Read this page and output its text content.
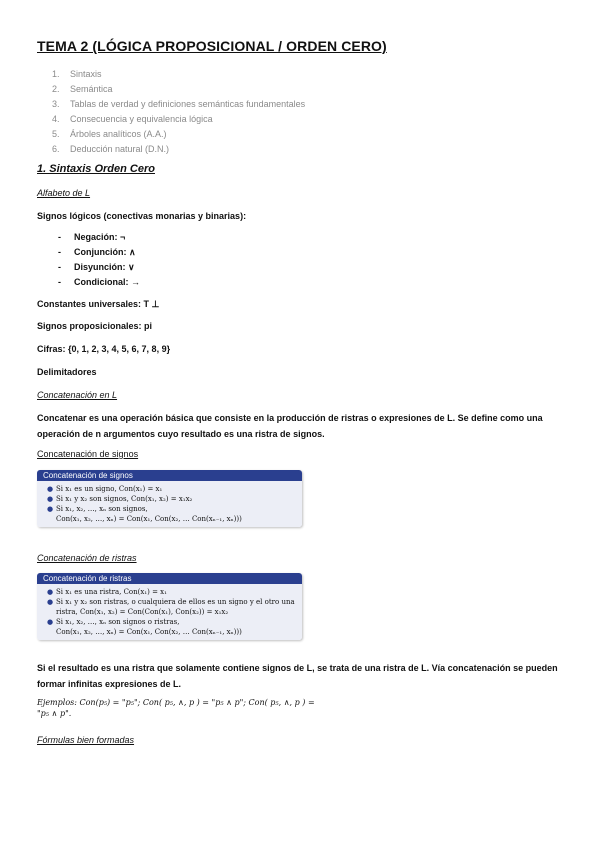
TEMA 2 (LÓGICA PROPOSICIONAL / ORDEN CERO)
1.	Sintaxis
2.	Semántica
3.	Tablas de verdad y definiciones semánticas fundamentales
4.	Consecuencia y equivalencia lógica
5.	Árboles analíticos (A.A.)
6.	Deducción natural (D.N.)
1. Sintaxis Orden Cero
Alfabeto de L
Signos lógicos (conectivas monarias y binarias):
-	Negación: ¬
-	Conjunción: ∧
-	Disyunción: ∨
-	Condicional: →
Constantes universales: T ⊥
Signos proposicionales: pi
Cifras: {0, 1, 2, 3, 4, 5, 6, 7, 8, 9}
Delimitadores
Concatenación en L
Concatenar es una operación básica que consiste en la producción de ristras o expresiones de L. Se define como una operación de n argumentos cuyo resultado es una ristra de signos.
Concatenación de signos
Concatenación de signos
● Si x₁ es un signo, Con(x₁) = x₁
● Si x₁ y x₂ son signos, Con(x₁, x₂) = x₁x₂
● Si x₁, x₂, …, xₙ son signos,
Con(x₁, x₂, …, xₙ) = Con(x₁, Con(x₂, … Con(xₙ₋₁, xₙ)))
Concatenación de ristras
Concatenación de ristras
● Si x₁ es una ristra, Con(x₁) = x₁
● Si x₁ y x₂ son ristras, o cualquiera de ellos es un signo y el otro una
ristra, Con(x₁, x₂) = Con(Con(x₁), Con(x₂)) = x₁x₂
● Si x₁, x₂, …, xₙ son signos o ristras,
Con(x₁, x₂, …, xₙ) = Con(x₁, Con(x₂, … Con(xₙ₋₁, xₙ)))
Si el resultado es una ristra que solamente contiene signos de L, se trata de una ristra de L. Vía concatenación se pueden formar infinitas expresiones de L.
Ejemplos: Con(p₅) = "p₅"; Con( p₅, ∧, p ) = "p₅ ∧ p"; Con( p₅, ∧, p ) =
"p₅ ∧ p".
Fórmulas bien formadas
